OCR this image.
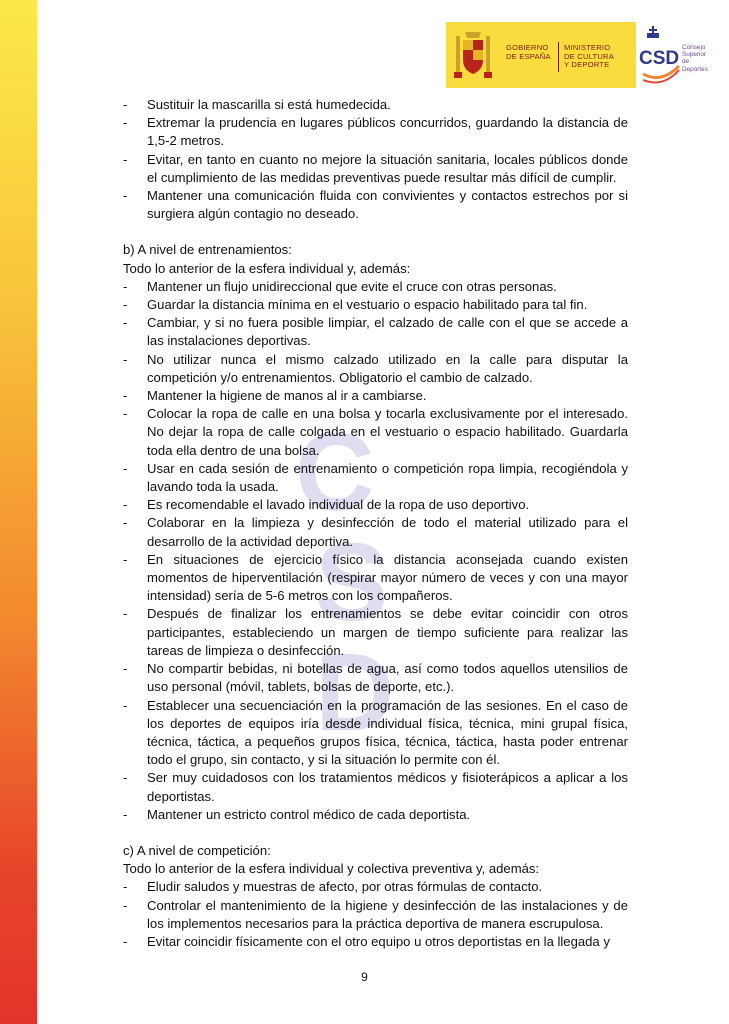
GOBIERNO
DE ESPAÑA
MINISTERIO
DE CULTURA
Y DEPORTE CSD
Consejo
Superior de
Deportes
C
S
D
- Sustituir la mascarilla si está humedecida.
- Extremar la prudencia en lugares públicos concurridos, guardando la distancia de 1,5-2 metros.
- Evitar, en tanto en cuanto no mejore la situación sanitaria, locales públicos donde el cumplimiento de las medidas preventivas puede resultar más difícil de cumplir.
- Mantener una comunicación fluida con convivientes y contactos estrechos por si surgiera algún contagio no deseado.
b) A nivel de entrenamientos:
Todo lo anterior de la esfera individual y, además:
- Mantener un flujo unidireccional que evite el cruce con otras personas.
- Guardar la distancia mínima en el vestuario o espacio habilitado para tal fin.
- Cambiar, y si no fuera posible limpiar, el calzado de calle con el que se accede a las instalaciones deportivas.
- No utilizar nunca el mismo calzado utilizado en la calle para disputar la competición y/o entrenamientos. Obligatorio el cambio de calzado.
- Mantener la higiene de manos al ir a cambiarse.
- Colocar la ropa de calle en una bolsa y tocarla exclusivamente por el interesado. No dejar la ropa de calle colgada en el vestuario o espacio habilitado. Guardarla toda ella dentro de una bolsa.
- Usar en cada sesión de entrenamiento o competición ropa limpia, recogiéndola y lavando toda la usada.
- Es recomendable el lavado individual de la ropa de uso deportivo.
- Colaborar en la limpieza y desinfección de todo el material utilizado para el desarrollo de la actividad deportiva.
- En situaciones de ejercicio físico la distancia aconsejada cuando existen momentos de hiperventilación (respirar mayor número de veces y con una mayor intensidad) sería de 5-6 metros con los compañeros.
- Después de finalizar los entrenamientos se debe evitar coincidir con otros participantes, estableciendo un margen de tiempo suficiente para realizar las tareas de limpieza o desinfección.
- No compartir bebidas, ni botellas de agua, así como todos aquellos utensilios de uso personal (móvil, tablets, bolsas de deporte, etc.).
- Establecer una secuenciación en la programación de las sesiones. En el caso de los deportes de equipos iría desde individual física, técnica, mini grupal física, técnica, táctica, a pequeños grupos física, técnica, táctica, hasta poder entrenar todo el grupo, sin contacto, y si la situación lo permite con él.
- Ser muy cuidadosos con los tratamientos médicos y fisioterápicos a aplicar a los deportistas.
- Mantener un estricto control médico de cada deportista.
c) A nivel de competición:
Todo lo anterior de la esfera individual y colectiva preventiva y, además:
- Eludir saludos y muestras de afecto, por otras fórmulas de contacto.
- Controlar el mantenimiento de la higiene y desinfección de las instalaciones y de los implementos necesarios para la práctica deportiva de manera escrupulosa.
- Evitar coincidir físicamente con el otro equipo u otros deportistas en la llegada y
9
